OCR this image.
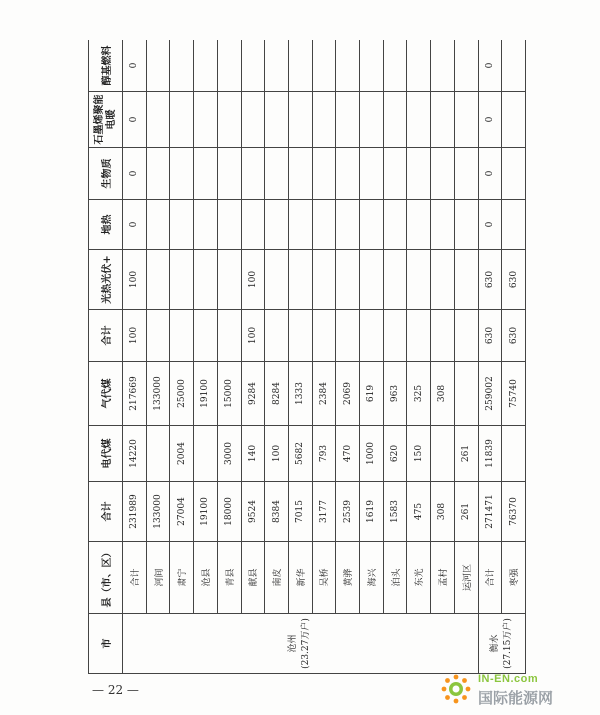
市	县（市、区）	合计	电代煤	气代煤	合计	光热光伏+	地热	生物质	石墨烯聚能电暖	醇基燃料

沧州 (23.27万户)	合计	231989	14220	217669	100	100	0	0	0	0
	河间	133000		133000						
	肃宁	27004	2004	25000						
	沧县	19100		19100						
	青县	18000	3000	15000						
	献县	9524	140	9284	100	100				
	南皮	8384	100	8284						
	新华	7015	5682	1333						
	吴桥	3177	793	2384						
	黄骅	2539	470	2069						
	海兴	1619	1000	619						
	泊头	1583	620	963						
	东光	475	150	325						
	孟村	308		308						
	运河区	261	261							

衡水 (27.15万户)	合计	271471	11839	259002	630	630	0	0	0	0
	枣强	76370		75740	630	630				
— 22 —
IN-EN.com
国际能源网
